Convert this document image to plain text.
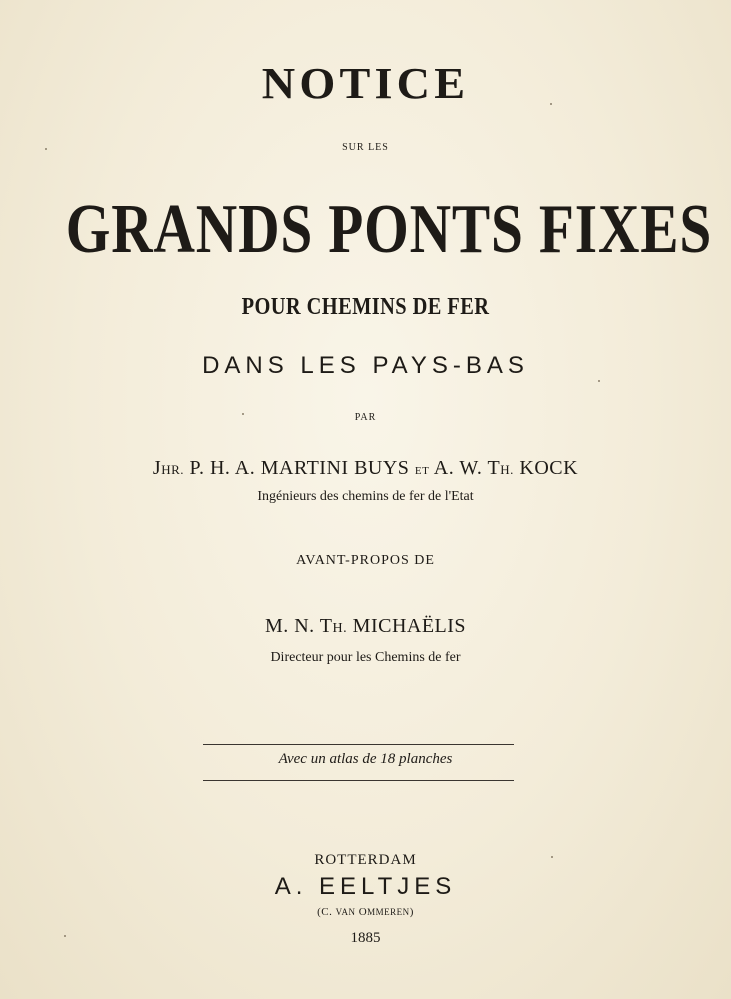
NOTICE
SUR LES
GRANDS PONTS FIXES
POUR CHEMINS DE FER
DANS LES PAYS-BAS
PAR
JHR. P. H. A. MARTINI BUYS ET A. W. TH. KOCK
Ingénieurs des chemins de fer de l'Etat
AVANT-PROPOS DE
M. N. TH. MICHAËLIS
Directeur pour les Chemins de fer
Avec un atlas de 18 planches
ROTTERDAM
A. EELTJES
(C. VAN OMMEREN)
1885
